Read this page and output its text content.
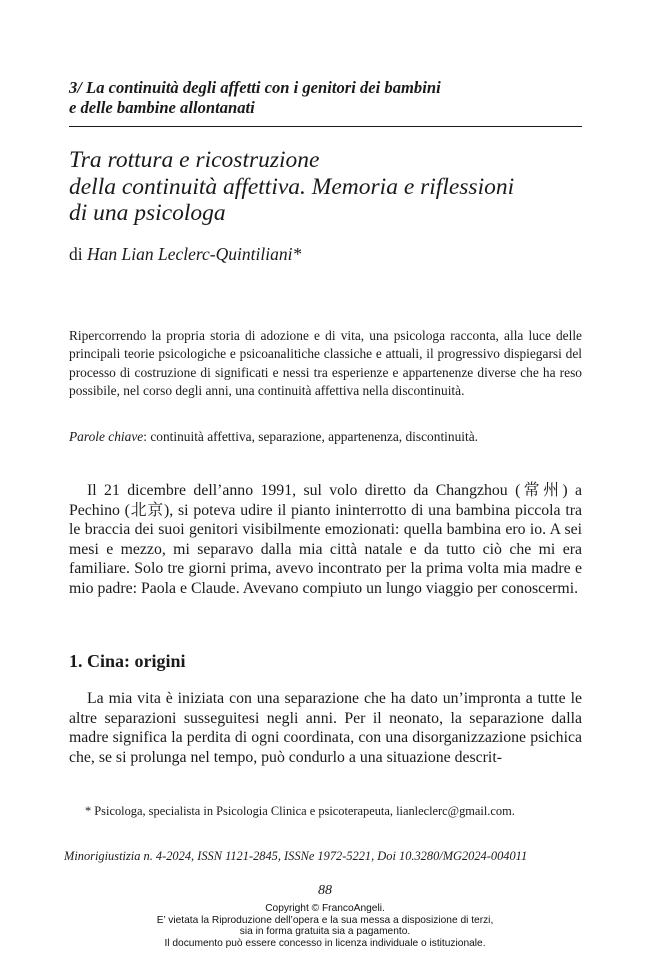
3/ La continuità degli affetti con i genitori dei bambini
e delle bambine allontanati
Tra rottura e ricostruzione
della continuità affettiva. Memoria e riflessioni
di una psicologa
di Han Lian Leclerc-Quintiliani*
Ripercorrendo la propria storia di adozione e di vita, una psicologa racconta, alla luce delle principali teorie psicologiche e psicoanalitiche classiche e attuali, il progressivo dispiegarsi del processo di costruzione di significati e nessi tra esperienze e appartenenze diverse che ha reso possibile, nel corso degli anni, una continuità affettiva nella discontinuità.
Parole chiave: continuità affettiva, separazione, appartenenza, discontinuità.

Il 21 dicembre dell’anno 1991, sul volo diretto da Changzhou (常州) a Pechino (北京), si poteva udire il pianto ininterrotto di una bambina piccola tra le braccia dei suoi genitori visibilmente emozionati: quella bambina ero io. A sei mesi e mezzo, mi separavo dalla mia città natale e da tutto ciò che mi era familiare. Solo tre giorni prima, avevo incontrato per la prima volta mia madre e mio padre: Paola e Claude. Avevano compiuto un lungo viaggio per conoscermi.

1. Cina: origini

La mia vita è iniziata con una separazione che ha dato un’impronta a tutte le altre separazioni susseguitesi negli anni. Per il neonato, la separazione dalla madre significa la perdita di ogni coordinata, con una disorganizzazione psichica che, se si prolunga nel tempo, può condurlo a una situazione descrit-

* Psicologa, specialista in Psicologia Clinica e psicoterapeuta, lianleclerc@gmail.com.
Minorigiustizia n. 4-2024, ISSN 1121-2845, ISSNe 1972-5221, Doi 10.3280/MG2024-004011
88
Copyright © FrancoAngeli.
E’ vietata la Riproduzione dell’opera e la sua messa a disposizione di terzi,
sia in forma gratuita sia a pagamento.
Il documento può essere concesso in licenza individuale o istituzionale.
